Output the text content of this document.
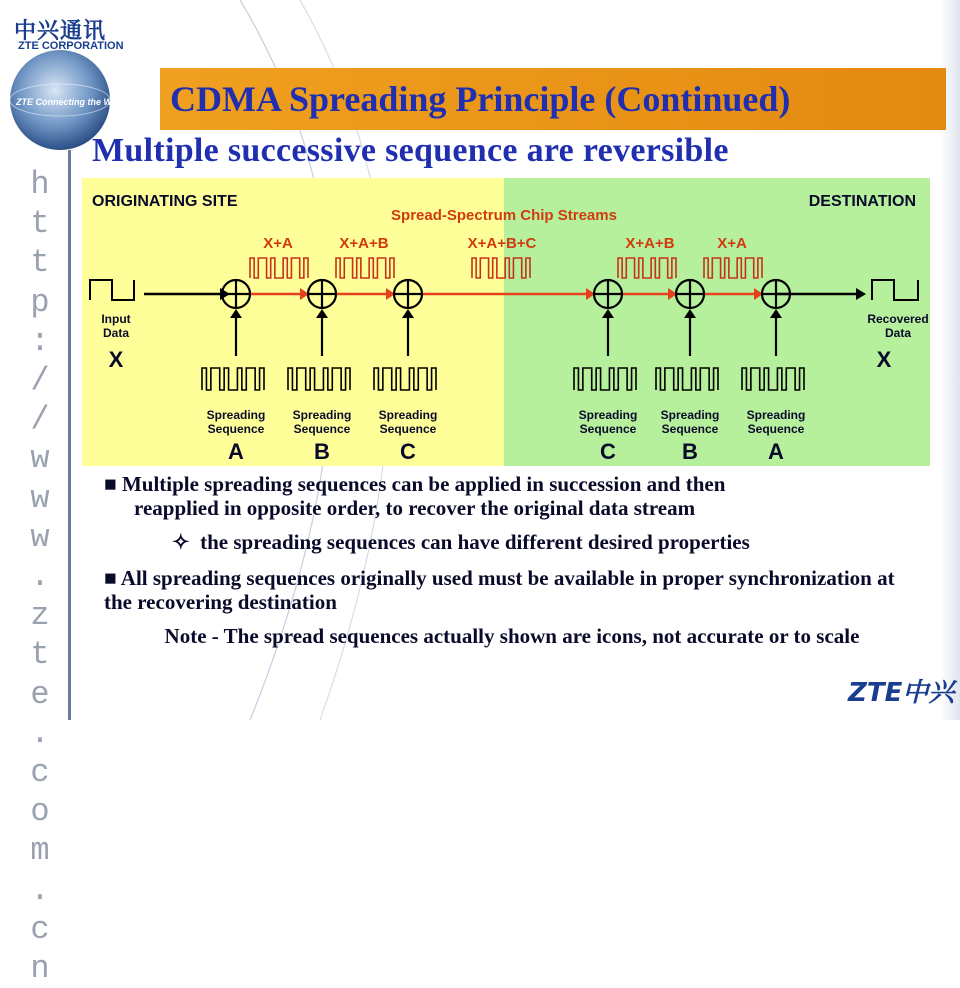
中兴通讯
ZTE CORPORATION
ZTE Connecting the World
h
t
t
p
:
/
/
w
w
w
.
z
t
e
.
c
o
m
.
c
n
CDMA Spreading Principle (Continued)
Multiple successive sequence are reversible
ORIGINATING SITE	DESTINATION
Spread-Spectrum Chip Streams
X+A	X+A+B	X+A+B+C	X+A+B	X+A
Spreading
Sequence
A
Spreading
Sequence
B
Spreading
Sequence
C
Spreading
Sequence
C
Spreading
Sequence
B
Spreading
Sequence
A
Input
Data
X
Recovered
Data
X
■ Multiple spreading sequences can be applied in succession and then
reapplied in opposite order, to recover the original data stream
✧ the spreading sequences can have different desired properties
■ All spreading sequences originally used must be available in proper synchronization at the recovering destination
Note - The spread sequences actually shown are icons, not accurate or to scale
ZTE中兴
